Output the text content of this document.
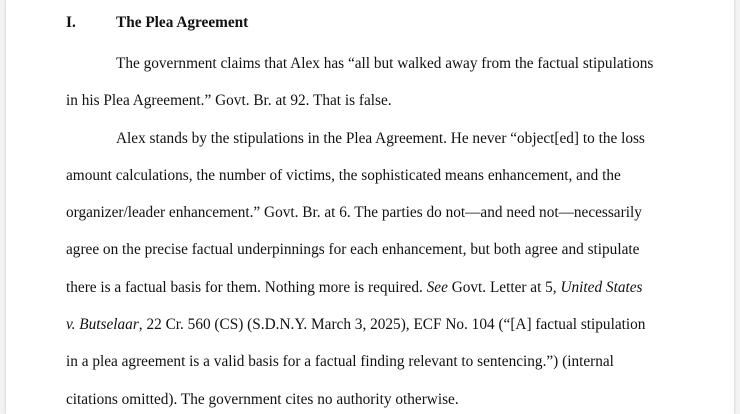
I.	The Plea Agreement
The government claims that Alex has “all but walked away from the factual stipulations
in his Plea Agreement.” Govt. Br. at 92. That is false.
Alex stands by the stipulations in the Plea Agreement. He never “object[ed] to the loss
amount calculations, the number of victims, the sophisticated means enhancement, and the
organizer/leader enhancement.” Govt. Br. at 6. The parties do not—and need not—necessarily
agree on the precise factual underpinnings for each enhancement, but both agree and stipulate
there is a factual basis for them. Nothing more is required. See Govt. Letter at 5, United States
v. Butselaar, 22 Cr. 560 (CS) (S.D.N.Y. March 3, 2025), ECF No. 104 (“[A] factual stipulation
in a plea agreement is a valid basis for a factual finding relevant to sentencing.”) (internal
citations omitted). The government cites no authority otherwise.
